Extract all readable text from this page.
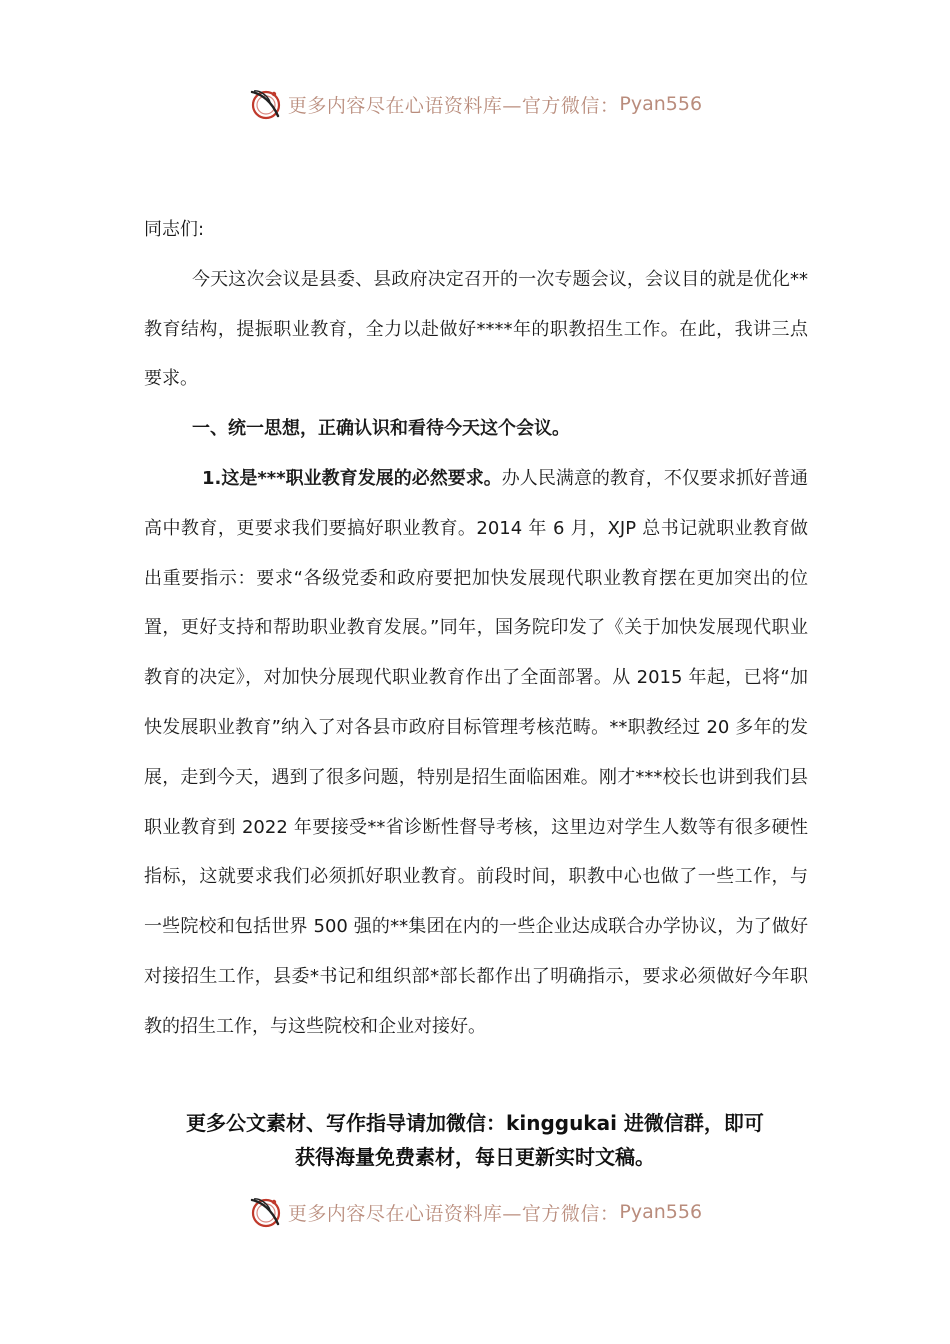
更多内容尽在心语资料库—官方微信： Pyan556

同志们:

今天这次会议是县委、县政府决定召开的一次专题会议，会议目的就是优化**教育结构，提振职业教育，全力以赴做好****年的职教招生工作。在此，我讲三点要求。

一、统一思想，正确认识和看待今天这个会议。

1.这是***职业教育发展的必然要求。办人民满意的教育，不仅要求抓好普通高中教育，更要求我们要搞好职业教育。2014 年 6 月，XJP 总书记就职业教育做出重要指示：要求“各级党委和政府要把加快发展现代职业教育摆在更加突出的位置，更好支持和帮助职业教育发展。”同年，国务院印发了《关于加快发展现代职业教育的决定》，对加快分展现代职业教育作出了全面部署。从 2015 年起，已将“加快发展职业教育”纳入了对各县市政府目标管理考核范畴。**职教经过 20 多年的发展，走到今天，遇到了很多问题，特别是招生面临困难。刚才***校长也讲到我们县职业教育到 2022 年要接受**省诊断性督导考核，这里边对学生人数等有很多硬性指标，这就要求我们必须抓好职业教育。前段时间，职教中心也做了一些工作，与一些院校和包括世界 500 强的**集团在内的一些企业达成联合办学协议，为了做好对接招生工作，县委*书记和组织部*部长都作出了明确指示，要求必须做好今年职教的招生工作，与这些院校和企业对接好。

更多公文素材、写作指导请加微信：kinggukai 进微信群，即可
获得海量免费素材，每日更新实时文稿。
更多内容尽在心语资料库—官方微信： Pyan556
